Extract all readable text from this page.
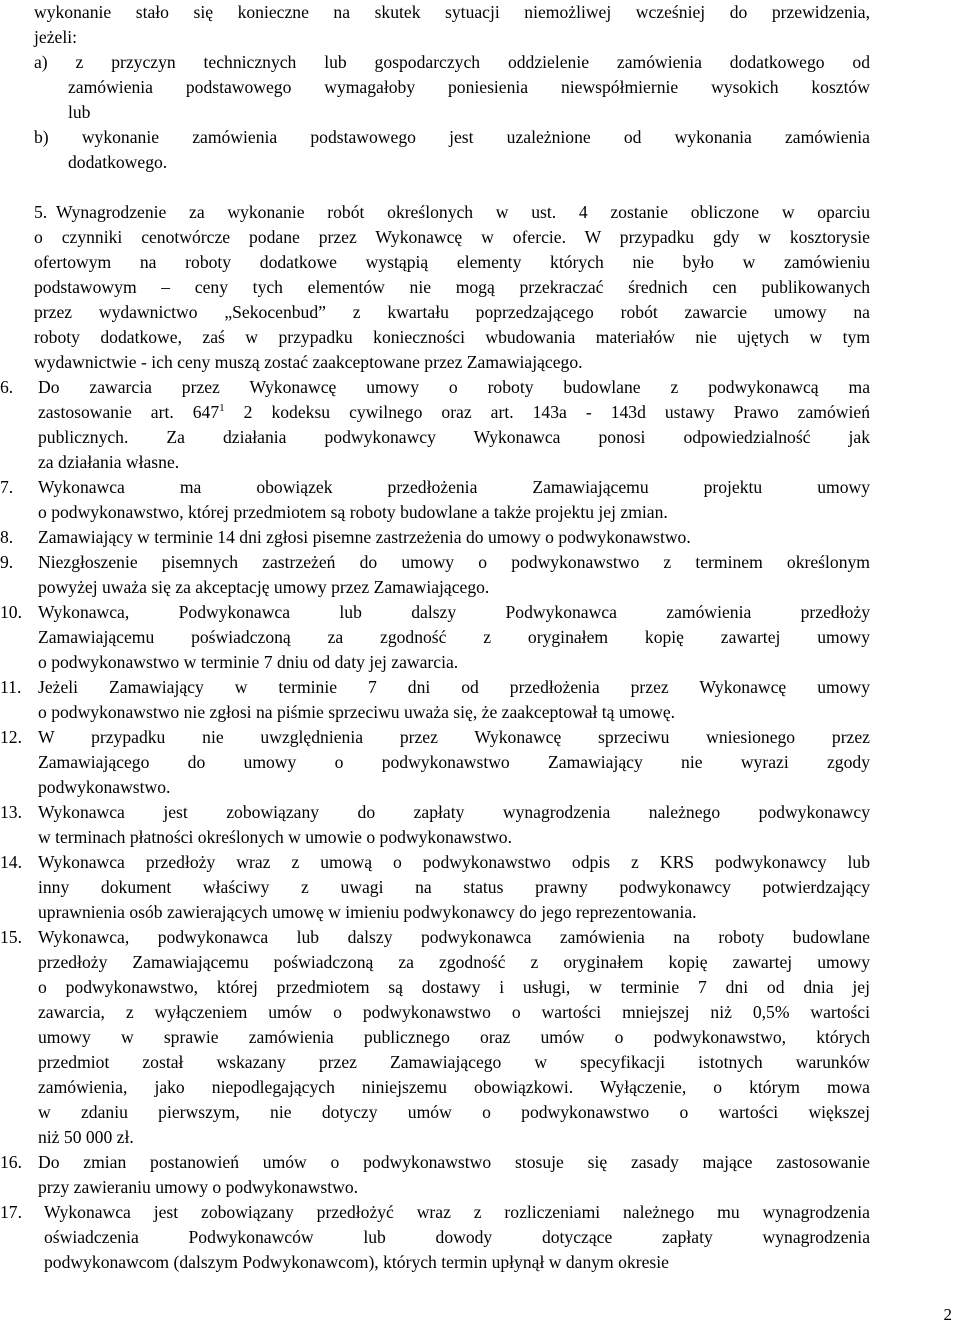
wykonanie stało się konieczne na skutek sytuacji niemożliwej wcześniej do przewidzenia,
jeżeli:
a) z przyczyn technicznych lub gospodarczych oddzielenie zamówienia dodatkowego od
zamówienia podstawowego wymagałoby poniesienia niewspółmiernie wysokich kosztów
lub
b) wykonanie zamówienia podstawowego jest uzależnione od wykonania zamówienia
dodatkowego.
5. Wynagrodzenie za wykonanie robót określonych w ust. 4 zostanie obliczone w oparciu
o czynniki cenotwórcze podane przez Wykonawcę w ofercie. W przypadku gdy w kosztorysie
ofertowym na roboty dodatkowe wystąpią elementy których nie było w zamówieniu
podstawowym – ceny tych elementów nie mogą przekraczać średnich cen publikowanych
przez wydawnictwo „Sekocenbud” z kwartału poprzedzającego robót zawarcie umowy na
roboty dodatkowe, zaś w przypadku konieczności wbudowania materiałów nie ujętych w tym
wydawnictwie - ich ceny muszą zostać zaakceptowane przez Zamawiającego.
6.	Do zawarcia przez Wykonawcę umowy o roboty budowlane z podwykonawcą ma
zastosowanie art. $647^1$ 2 kodeksu cywilnego oraz art. 143a - 143d ustawy Prawo zamówień
publicznych. Za działania podwykonawcy Wykonawca ponosi odpowiedzialność jak
za działania własne.
7.	Wykonawca ma obowiązek przedłożenia Zamawiającemu projektu umowy
o podwykonawstwo, której przedmiotem są roboty budowlane a także projektu jej zmian.
8.	Zamawiający w terminie 14 dni zgłosi pisemne zastrzeżenia do umowy o podwykonawstwo.
9.	Niezgłoszenie pisemnych zastrzeżeń do umowy o podwykonawstwo z terminem określonym
powyżej uważa się za akceptację umowy przez Zamawiającego.
10. Wykonawca, Podwykonawca lub dalszy Podwykonawca zamówienia przedłoży
Zamawiającemu poświadczoną za zgodność z oryginałem kopię zawartej umowy
o podwykonawstwo w terminie 7 dniu od daty jej zawarcia.
11. Jeżeli Zamawiający w terminie 7 dni od przedłożenia przez Wykonawcę umowy
o podwykonawstwo nie zgłosi na piśmie sprzeciwu uważa się, że zaakceptował tą umowę.
12. W przypadku nie uwzględnienia przez Wykonawcę sprzeciwu wniesionego przez
Zamawiającego do umowy o podwykonawstwo Zamawiający nie wyrazi zgody
podwykonawstwo.
13. Wykonawca jest zobowiązany do zapłaty wynagrodzenia należnego podwykonawcy
w terminach płatności określonych w umowie o podwykonawstwo.
14. Wykonawca przedłoży wraz z umową o podwykonawstwo odpis z KRS podwykonawcy lub
inny dokument właściwy z uwagi na status prawny podwykonawcy potwierdzający
uprawnienia osób zawierających umowę w imieniu podwykonawcy do jego reprezentowania.
15. Wykonawca, podwykonawca lub dalszy podwykonawca zamówienia na roboty budowlane
przedłoży Zamawiającemu poświadczoną za zgodność z oryginałem kopię zawartej umowy
o podwykonawstwo, której przedmiotem są dostawy i usługi, w terminie 7 dni od dnia jej
zawarcia, z wyłączeniem umów o podwykonawstwo o wartości mniejszej niż 0,5% wartości
umowy w sprawie zamówienia publicznego oraz umów o podwykonawstwo, których
przedmiot został wskazany przez Zamawiającego w specyfikacji istotnych warunków
zamówienia, jako niepodlegających niniejszemu obowiązkowi. Wyłączenie, o którym mowa
w zdaniu pierwszym, nie dotyczy umów o podwykonawstwo o wartości większej
niż 50 000 zł.
16. Do zmian postanowień umów o podwykonawstwo stosuje się zasady mające zastosowanie
przy zawieraniu umowy o podwykonawstwo.
17.	Wykonawca jest zobowiązany przedłożyć wraz z rozliczeniami należnego mu wynagrodzenia
oświadczenia Podwykonawców lub dowody dotyczące zapłaty wynagrodzenia
podwykonawcom (dalszym Podwykonawcom), których termin upłynął w danym okresie
2
